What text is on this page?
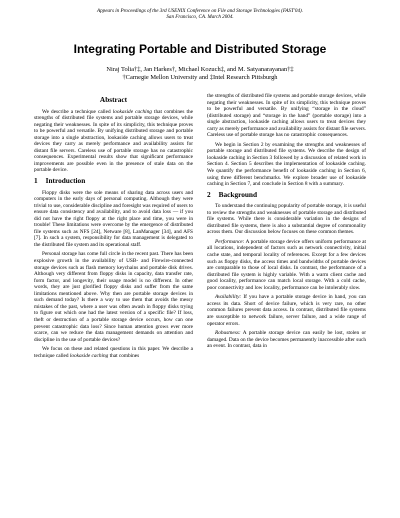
Appears in Proceedings of the 3rd USENIX Conference on File and Storage Technologies (FAST'04).
San Francisco, CA. March 2004.
Integrating Portable and Distributed Storage
Niraj Tolia†‡, Jan Harkes†, Michael Kozuch‡, and M. Satyanarayanan†‡
†Carnegie Mellon University and ‡Intel Research Pittsburgh
Abstract

We describe a technique called lookaside caching that combines the strengths of distributed file systems and portable storage devices, while negating their weaknesses. In spite of its simplicity, this technique proves to be powerful and versatile. By unifying distributed storage and portable storage into a single abstraction, lookaside caching allows users to treat devices they carry as merely performance and availability assists for distant file servers. Careless use of portable storage has no catastrophic consequences. Experimental results show that significant performance improvements are possible even in the presence of stale data on the portable device.

1 Introduction

Floppy disks were the sole means of sharing data across users and computers in the early days of personal computing. Although they were trivial to use, considerable discipline and foresight was required of users to ensure data consistency and availability, and to avoid data loss — if you did not have the right floppy at the right place and time, you were in trouble! These limitations were overcome by the emergence of distributed file systems such as NFS [24], Netware [8], LanManager [34], and AFS [7]. In such a system, responsibility for data management is delegated to the distributed file system and its operational staff.

Personal storage has come full circle in the recent past. There has been explosive growth in the availability of USB- and Firewire-connected storage devices such as flash memory keychains and portable disk drives. Although very different from floppy disks in capacity, data transfer rate, form factor, and longevity, their usage model is no different. In other words, they are just glorified floppy disks and suffer from the same limitations mentioned above. Why then are portable storage devices in such demand today? Is there a way to use them that avoids the messy mistakes of the past, where a user was often awash in floppy disks trying to figure out which one had the latest version of a specific file? If loss, theft or destruction of a portable storage device occurs, how can one prevent catastrophic data loss? Since human attention grows ever more scarce, can we reduce the data management demands on attention and discipline in the use of portable devices?

We focus on these and related questions in this paper. We describe a technique called lookaside caching that combines

the strengths of distributed file systems and portable storage devices, while negating their weaknesses. In spite of its simplicity, this technique proves to be powerful and versatile. By unifying “storage in the cloud” (distributed storage) and “storage in the hand” (portable storage) into a single abstraction, lookaside caching allows users to treat devices they carry as merely performance and availability assists for distant file servers. Careless use of portable storage has no catastrophic consequences.

We begin in Section 2 by examining the strengths and weaknesses of portable storage and distributed file systems. We describe the design of lookaside caching in Section 3 followed by a discussion of related work in Section 4. Section 5 describes the implementation of lookaside caching. We quantify the performance benefit of lookaside caching in Section 6, using three different benchmarks. We explore broader use of lookaside caching in Section 7, and conclude in Section 8 with a summary.

2 Background

To understand the continuing popularity of portable storage, it is useful to review the strengths and weaknesses of portable storage and distributed file systems. While there is considerable variation in the designs of distributed file systems, there is also a substantial degree of commonality across them. Our discussion below focuses on these common themes.

Performance: A portable storage device offers uniform performance at all locations, independent of factors such as network connectivity, initial cache state, and temporal locality of references. Except for a few devices such as floppy disks, the access times and bandwidths of portable devices are comparable to those of local disks. In contrast, the performance of a distributed file system is highly variable. With a warm client cache and good locality, performance can match local storage. With a cold cache, poor connectivity and low locality, performance can be intolerably slow.

Availability: If you have a portable storage device in hand, you can access its data. Short of device failure, which is very rare, no other common failures prevent data access. In contrast, distributed file systems are susceptible to network failure, server failure, and a wide range of operator errors.

Robustness: A portable storage device can easily be lost, stolen or damaged. Data on the device becomes permanently inaccessible after such an event. In contrast, data in
